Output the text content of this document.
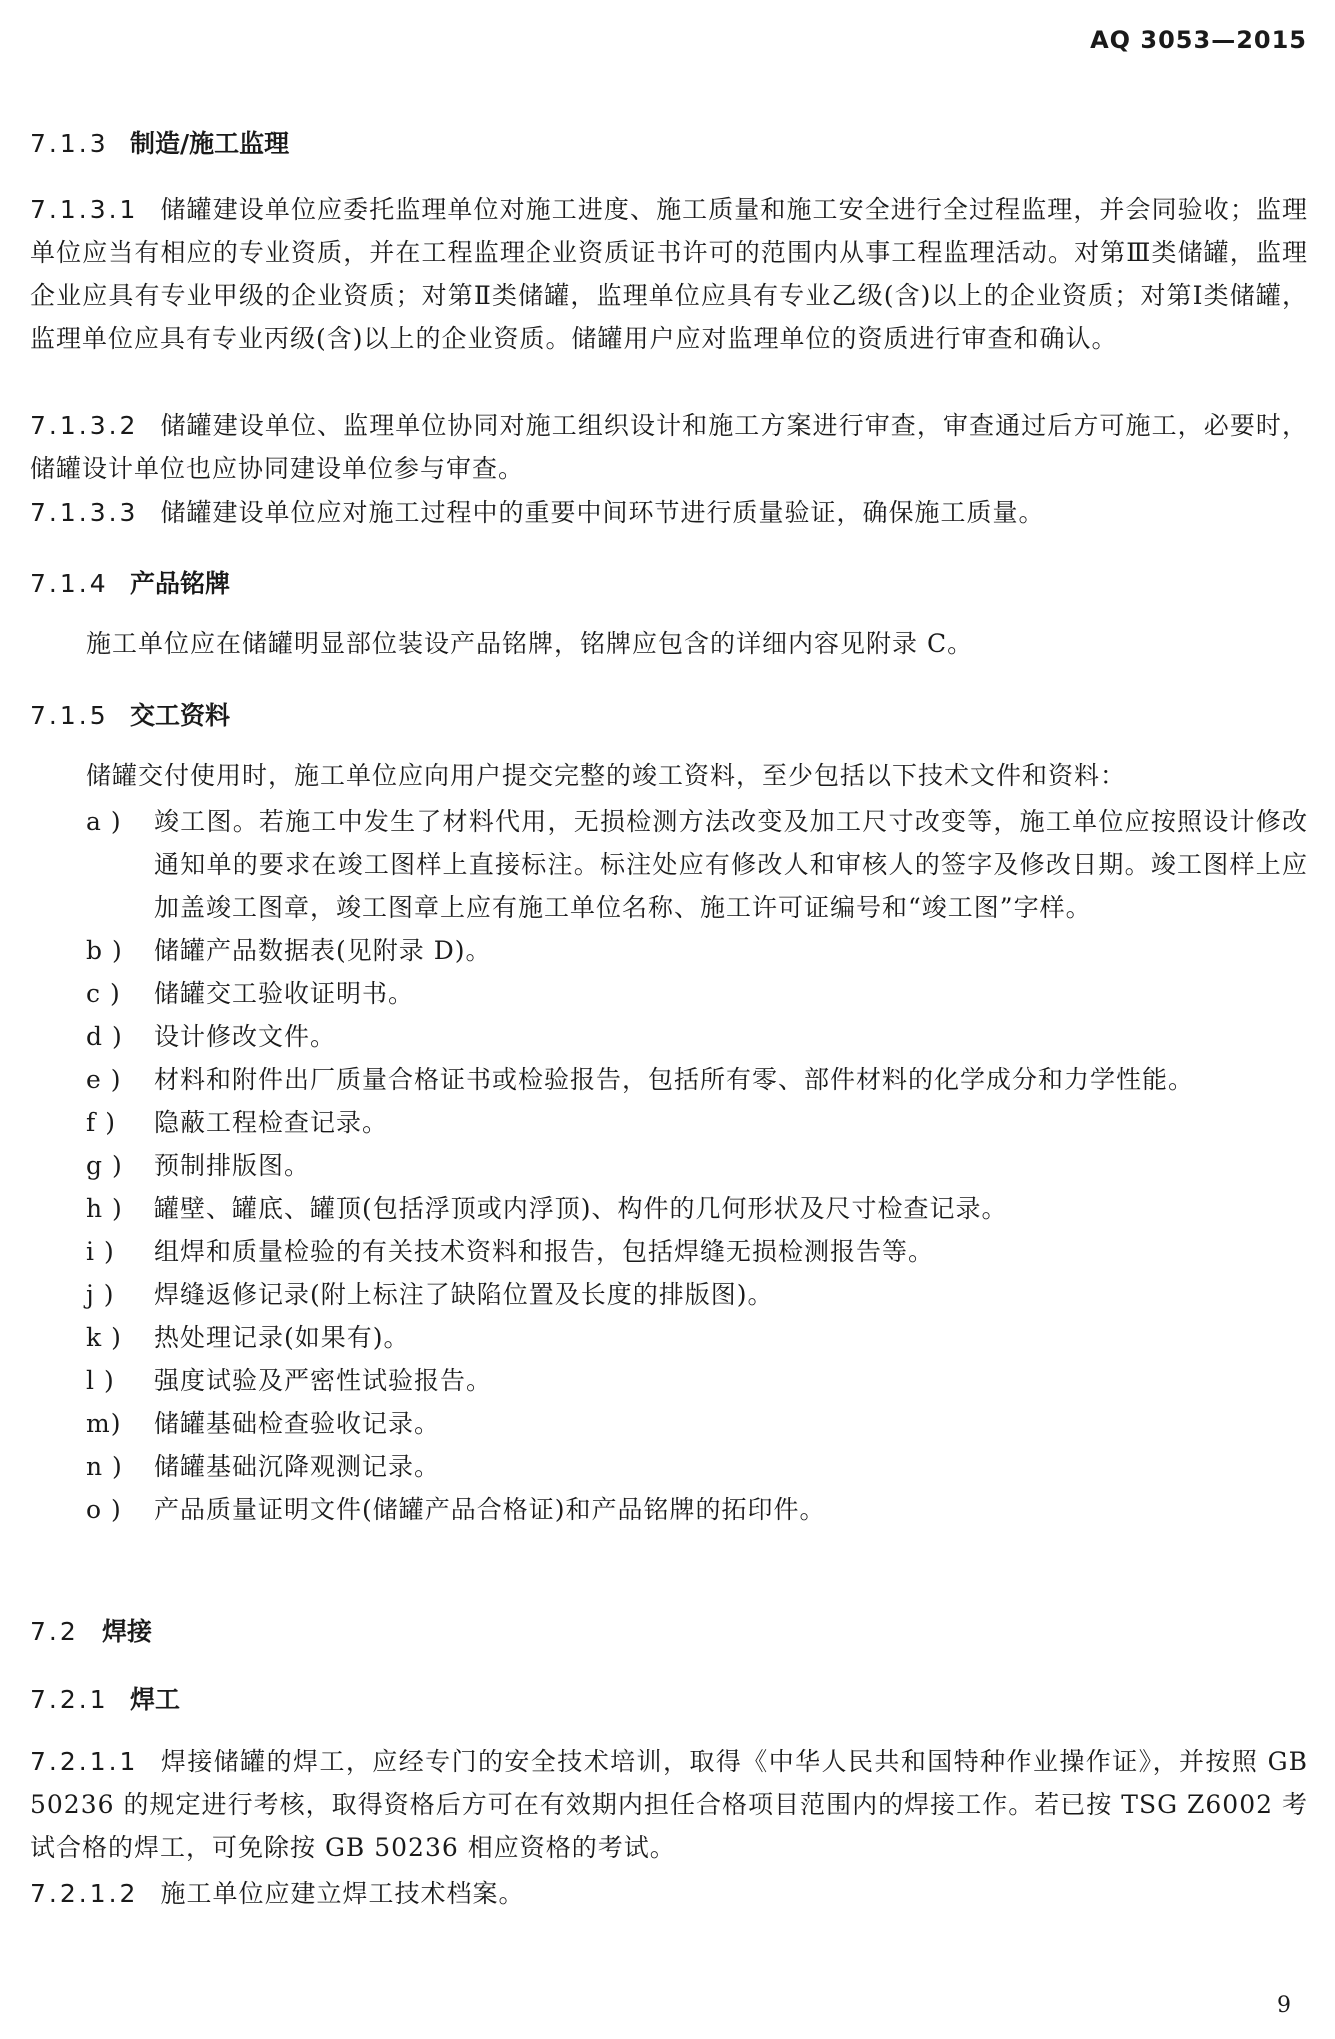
AQ 3053—2015
7.1.3 制造/施工监理
7.1.3.1 储罐建设单位应委托监理单位对施工进度、施工质量和施工安全进行全过程监理，并会同验收；监理单位应当有相应的专业资质，并在工程监理企业资质证书许可的范围内从事工程监理活动。对第Ⅲ类储罐，监理企业应具有专业甲级的企业资质；对第Ⅱ类储罐，监理单位应具有专业乙级(含)以上的企业资质；对第Ⅰ类储罐，监理单位应具有专业丙级(含)以上的企业资质。储罐用户应对监理单位的资质进行审查和确认。
7.1.3.2 储罐建设单位、监理单位协同对施工组织设计和施工方案进行审查，审查通过后方可施工，必要时，储罐设计单位也应协同建设单位参与审查。
7.1.3.3 储罐建设单位应对施工过程中的重要中间环节进行质量验证，确保施工质量。
7.1.4 产品铭牌
施工单位应在储罐明显部位装设产品铭牌，铭牌应包含的详细内容见附录 C。
7.1.5 交工资料
储罐交付使用时，施工单位应向用户提交完整的竣工资料，至少包括以下技术文件和资料：
a )	竣工图。若施工中发生了材料代用，无损检测方法改变及加工尺寸改变等，施工单位应按照设计修改通知单的要求在竣工图样上直接标注。标注处应有修改人和审核人的签字及修改日期。竣工图样上应加盖竣工图章，竣工图章上应有施工单位名称、施工许可证编号和“竣工图”字样。
b )	储罐产品数据表(见附录 D)。
c )	储罐交工验收证明书。
d )	设计修改文件。
e )	材料和附件出厂质量合格证书或检验报告，包括所有零、部件材料的化学成分和力学性能。
f )	隐蔽工程检查记录。
g )	预制排版图。
h )	罐壁、罐底、罐顶(包括浮顶或内浮顶)、构件的几何形状及尺寸检查记录。
i )	组焊和质量检验的有关技术资料和报告，包括焊缝无损检测报告等。
j )	焊缝返修记录(附上标注了缺陷位置及长度的排版图)。
k )	热处理记录(如果有)。
l )	强度试验及严密性试验报告。
m)	储罐基础检查验收记录。
n )	储罐基础沉降观测记录。
o )	产品质量证明文件(储罐产品合格证)和产品铭牌的拓印件。
7.2 焊接
7.2.1 焊工
7.2.1.1 焊接储罐的焊工，应经专门的安全技术培训，取得《中华人民共和国特种作业操作证》，并按照 GB 50236 的规定进行考核，取得资格后方可在有效期内担任合格项目范围内的焊接工作。若已按 TSG Z6002 考试合格的焊工，可免除按 GB 50236 相应资格的考试。
7.2.1.2 施工单位应建立焊工技术档案。
9
